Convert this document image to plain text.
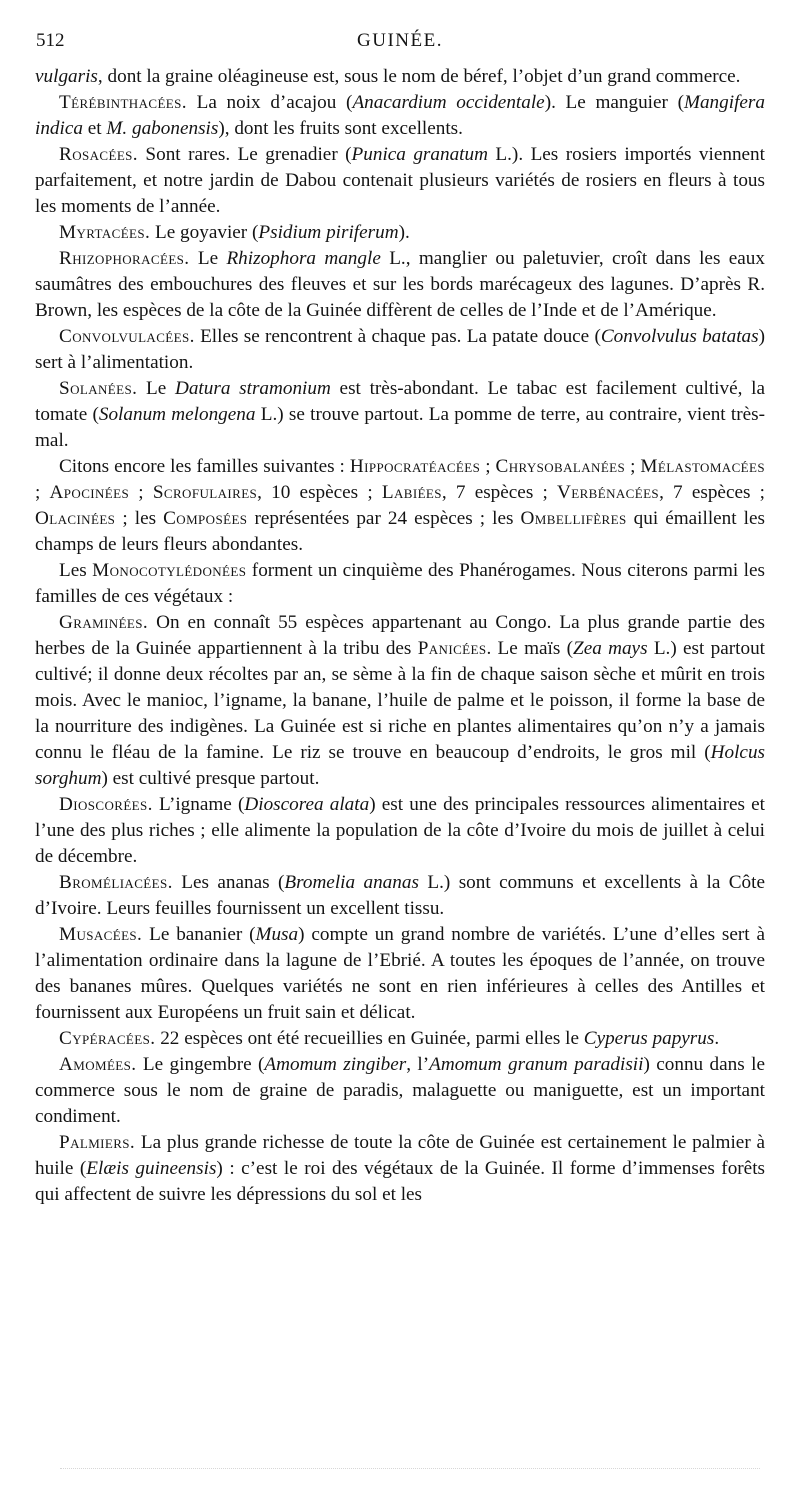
512	GUINÉE.

vulgaris, dont la graine oléagineuse est, sous le nom de béref, l’objet d’un grand commerce.

Térébinthacées. La noix d’acajou (Anacardium occidentale). Le manguier (Mangifera indica et M. gabonensis), dont les fruits sont excellents.

Rosacées. Sont rares. Le grenadier (Punica granatum L.). Les rosiers importés viennent parfaitement, et notre jardin de Dabou contenait plusieurs variétés de rosiers en fleurs à tous les moments de l’année.

Myrtacées. Le goyavier (Psidium piriferum).

Rhizophoracées. Le Rhizophora mangle L., manglier ou paletuvier, croît dans les eaux saumâtres des embouchures des fleuves et sur les bords marécageux des lagunes. D’après R. Brown, les espèces de la côte de la Guinée diffèrent de celles de l’Inde et de l’Amérique.

Convolvulacées. Elles se rencontrent à chaque pas. La patate douce (Convolvulus batatas) sert à l’alimentation.

Solanées. Le Datura stramonium est très-abondant. Le tabac est facilement cultivé, la tomate (Solanum melongena L.) se trouve partout. La pomme de terre, au contraire, vient très-mal.

Citons encore les familles suivantes : Hippocratéacées ; Chrysobalanées ; Mélastomacées ; Apocinées ; Scrofulaires, 10 espèces ; Labiées, 7 espèces ; Verbénacées, 7 espèces ; Olacinées ; les Composées représentées par 24 espèces ; les Ombellifères qui émaillent les champs de leurs fleurs abondantes.

Les Monocotylédonées forment un cinquième des Phanérogames. Nous citerons parmi les familles de ces végétaux :

Graminées. On en connaît 55 espèces appartenant au Congo. La plus grande partie des herbes de la Guinée appartiennent à la tribu des Panicées. Le maïs (Zea mays L.) est partout cultivé; il donne deux récoltes par an, se sème à la fin de chaque saison sèche et mûrit en trois mois. Avec le manioc, l’igname, la banane, l’huile de palme et le poisson, il forme la base de la nourriture des indigènes. La Guinée est si riche en plantes alimentaires qu’on n’y a jamais connu le fléau de la famine. Le riz se trouve en beaucoup d’endroits, le gros mil (Holcus sorghum) est cultivé presque partout.

Dioscorées. L’igname (Dioscorea alata) est une des principales ressources alimentaires et l’une des plus riches ; elle alimente la population de la côte d’Ivoire du mois de juillet à celui de décembre.

Broméliacées. Les ananas (Bromelia ananas L.) sont communs et excellents à la Côte d’Ivoire. Leurs feuilles fournissent un excellent tissu.

Musacées. Le bananier (Musa) compte un grand nombre de variétés. L’une d’elles sert à l’alimentation ordinaire dans la lagune de l’Ebrié. A toutes les époques de l’année, on trouve des bananes mûres. Quelques variétés ne sont en rien inférieures à celles des Antilles et fournissent aux Européens un fruit sain et délicat.

Cypéracées. 22 espèces ont été recueillies en Guinée, parmi elles le Cyperus papyrus.

Amomées. Le gingembre (Amomum zingiber, l’Amomum granum paradisii) connu dans le commerce sous le nom de graine de paradis, malaguette ou maniguette, est un important condiment.

Palmiers. La plus grande richesse de toute la côte de Guinée est certainement le palmier à huile (Elæis guineensis) : c’est le roi des végétaux de la Guinée. Il forme d’immenses forêts qui affectent de suivre les dépressions du sol et les
